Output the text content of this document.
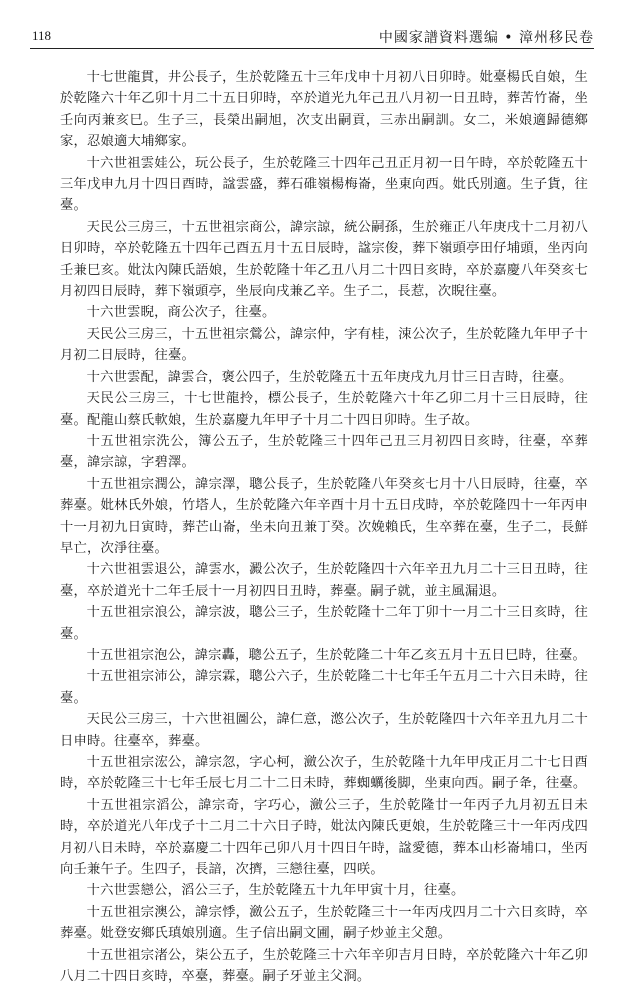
118	中國家譜資料選编 • 漳州移民卷

十七世龍貫，井公長子，生於乾隆五十三年戊申十月初八日卯時。妣臺楊氏自娘，生於乾隆六十年乙卯十月二十五日卯時，卒於道光九年己丑八月初一日丑時，葬苦竹崙，坐壬向丙兼亥巳。生子三，長榮出嗣旭，次支出嗣貢，三赤出嗣訓。女二，米娘適歸德鄉家，忍娘適大埔鄉家。

十六世祖雲娃公，玩公長子，生於乾隆三十四年己丑正月初一日午時，卒於乾隆五十三年戊申九月十四日酉時，諡雲盛，葬石碓嶺楊梅崙，坐東向西。妣氏別適。生子貨，往臺。

天民公三房三，十五世祖宗商公，諱宗諒，統公嗣孫，生於雍正八年庚戌十二月初八日卯時，卒於乾隆五十四年己酉五月十五日辰時，諡宗俊，葬下嶺頭亭田仔埔頭，坐丙向壬兼巳亥。妣汰內陳氏語娘，生於乾隆十年乙丑八月二十四日亥時，卒於嘉慶八年癸亥七月初四日辰時，葬下嶺頭亭，坐辰向戌兼乙辛。生子二，長惹，次睨往臺。

十六世雲睨，商公次子，往臺。

天民公三房三，十五世祖宗鶯公，諱宗仲，字有桂，涑公次子，生於乾隆九年甲子十月初二日辰時，往臺。

十六世雲配，諱雲合，褒公四子，生於乾隆五十五年庚戌九月廿三日吉時，往臺。

天民公三房三，十七世龍拎，標公長子，生於乾隆六十年乙卯二月十三日辰時，往臺。配龍山蔡氏軟娘，生於嘉慶九年甲子十月二十四日卯時。生子故。

十五世祖宗洗公，簿公五子，生於乾隆三十四年己丑三月初四日亥時，往臺，卒葬臺，諱宗諒，字碧澤。

十五世祖宗潤公，諱宗澤，聰公長子，生於乾隆八年癸亥七月十八日辰時，往臺，卒葬臺。妣林氏外娘，竹塔人，生於乾隆六年辛酉十月十五日戌時，卒於乾隆四十一年丙申十一月初九日寅時，葬芒山崙，坐未向丑兼丁癸。次娩賴氏，生卒葬在臺，生子二，長鮮早亡，次淨往臺。

十六世祖雲退公，諱雲水，澱公次子，生於乾隆四十六年辛丑九月二十三日丑時，往臺，卒於道光十二年壬辰十一月初四日丑時，葬臺。嗣子就，並主風漏退。

十五世祖宗浪公，諱宗波，聰公三子，生於乾隆十二年丁卯十一月二十三日亥時，往臺。

十五世祖宗泡公，諱宗轟，聰公五子，生於乾隆二十年乙亥五月十五日巳時，往臺。

十五世祖宗沛公，諱宗霖，聰公六子，生於乾隆二十七年壬午五月二十六日未時，往臺。

天民公三房三，十六世祖圖公，諱仁意，滺公次子，生於乾隆四十六年辛丑九月二十日申時。往臺卒，葬臺。

十五世祖宗浤公，諱宗忽，字心柯，瀲公次子，生於乾隆十九年甲戌正月二十七日酉時，卒於乾隆三十七年壬辰七月二十二日未時，葬蜘蠣後脚，坐東向西。嗣子夅，往臺。

十五世祖宗滔公，諱宗奇，字巧心，瀲公三子，生於乾隆廿一年丙子九月初五日未時，卒於道光八年戊子十二月二十六日子時，妣汰內陳氏更娘，生於乾隆三十一年丙戌四月初八日未時，卒於嘉慶二十四年己卯八月十四日午時，諡愛德，葬本山杉崙埔口，坐丙向壬兼午子。生四子，長諳，次擠，三戀往臺，四咲。

十六世雲戀公，滔公三子，生於乾隆五十九年甲寅十月，往臺。

十五世祖宗澳公，諱宗悸，瀲公五子，生於乾隆三十一年丙戌四月二十六日亥時，卒葬臺。妣登安鄉氏瑱娘別適。生子信出嗣文圃，嗣子炒並主父憩。

十五世祖宗渚公，柒公五子，生於乾隆三十六年辛卯吉月日時，卒於乾隆六十年乙卯八月二十四日亥時，卒臺，葬臺。嗣子牙並主父浻。
